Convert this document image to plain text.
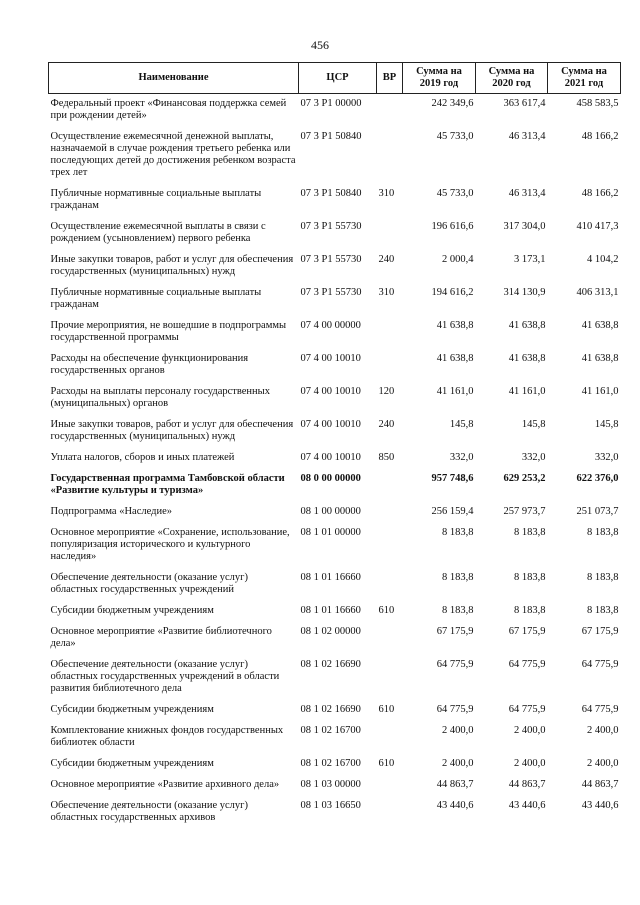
456
Наименование	ЦСР	ВР	Сумма на 2019 год	Сумма на 2020 год	Сумма на 2021 год
Федеральный проект «Финансовая поддержка семей при рождении детей»	07 3 P1 00000		242 349,6	363 617,4	458 583,5
Осуществление ежемесячной денежной выплаты, назначаемой в случае рождения третьего ребенка или последующих детей до достижения ребенком возраста трех лет	07 3 P1 50840		45 733,0	46 313,4	48 166,2
Публичные нормативные социальные выплаты гражданам	07 3 P1 50840	310	45 733,0	46 313,4	48 166,2
Осуществление ежемесячной выплаты в связи с рождением (усыновлением) первого ребенка	07 3 P1 55730		196 616,6	317 304,0	410 417,3
Иные закупки товаров, работ и услуг для обеспечения государственных (муниципальных) нужд	07 3 P1 55730	240	2 000,4	3 173,1	4 104,2
Публичные нормативные социальные выплаты гражданам	07 3 P1 55730	310	194 616,2	314 130,9	406 313,1
Прочие мероприятия, не вошедшие в подпрограммы государственной программы	07 4 00 00000		41 638,8	41 638,8	41 638,8
Расходы на обеспечение функционирования государственных органов	07 4 00 10010		41 638,8	41 638,8	41 638,8
Расходы на выплаты персоналу государственных (муниципальных) органов	07 4 00 10010	120	41 161,0	41 161,0	41 161,0
Иные закупки товаров, работ и услуг для обеспечения государственных (муниципальных) нужд	07 4 00 10010	240	145,8	145,8	145,8
Уплата налогов, сборов и иных платежей	07 4 00 10010	850	332,0	332,0	332,0
Государственная программа Тамбовской области «Развитие культуры и туризма»	08 0 00 00000		957 748,6	629 253,2	622 376,0
Подпрограмма «Наследие»	08 1 00 00000		256 159,4	257 973,7	251 073,7
Основное мероприятие «Сохранение, использование, популяризация исторического и культурного наследия»	08 1 01 00000		8 183,8	8 183,8	8 183,8
Обеспечение деятельности (оказание услуг) областных государственных учреждений	08 1 01 16660		8 183,8	8 183,8	8 183,8
Субсидии бюджетным учреждениям	08 1 01 16660	610	8 183,8	8 183,8	8 183,8
Основное мероприятие «Развитие библиотечного дела»	08 1 02 00000		67 175,9	67 175,9	67 175,9
Обеспечение деятельности (оказание услуг) областных государственных учреждений в области развития библиотечного дела	08 1 02 16690		64 775,9	64 775,9	64 775,9
Субсидии бюджетным учреждениям	08 1 02 16690	610	64 775,9	64 775,9	64 775,9
Комплектование книжных фондов государственных библиотек области	08 1 02 16700		2 400,0	2 400,0	2 400,0
Субсидии бюджетным учреждениям	08 1 02 16700	610	2 400,0	2 400,0	2 400,0
Основное мероприятие «Развитие архивного дела»	08 1 03 00000		44 863,7	44 863,7	44 863,7
Обеспечение деятельности (оказание услуг) областных государственных архивов	08 1 03 16650		43 440,6	43 440,6	43 440,6
